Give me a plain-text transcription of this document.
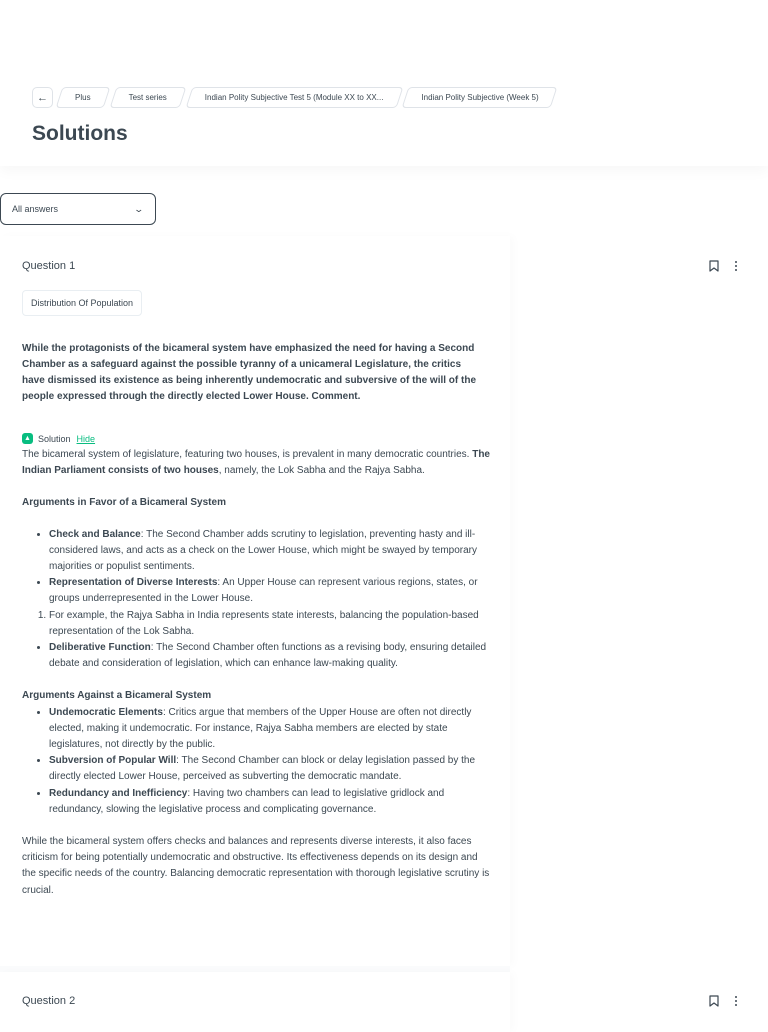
←	Plus	Test series	Indian Polity Subjective Test 5 (Module XX to XX...	Indian Polity Subjective (Week 5)
Solutions
All answers	⌄
Question 1
Distribution Of Population

While the protagonists of the bicameral system have emphasized the need for having a Second Chamber as a safeguard against the possible tyranny of a unicameral Legislature, the critics have dismissed its existence as being inherently undemocratic and subversive of the will of the people expressed through the directly elected Lower House. Comment.

▲ Solution Hide

The bicameral system of legislature, featuring two houses, is prevalent in many democratic countries. The Indian Parliament consists of two houses, namely, the Lok Sabha and the Rajya Sabha.

Arguments in Favor of a Bicameral System

• Check and Balance: The Second Chamber adds scrutiny to legislation, preventing hasty and ill-considered laws, and acts as a check on the Lower House, which might be swayed by temporary majorities or populist sentiments.
• Representation of Diverse Interests: An Upper House can represent various regions, states, or groups underrepresented in the Lower House.
1. For example, the Rajya Sabha in India represents state interests, balancing the population-based representation of the Lok Sabha.
• Deliberative Function: The Second Chamber often functions as a revising body, ensuring detailed debate and consideration of legislation, which can enhance law-making quality.

Arguments Against a Bicameral System

• Undemocratic Elements: Critics argue that members of the Upper House are often not directly elected, making it undemocratic. For instance, Rajya Sabha members are elected by state legislatures, not directly by the public.
• Subversion of Popular Will: The Second Chamber can block or delay legislation passed by the directly elected Lower House, perceived as subverting the democratic mandate.
• Redundancy and Inefficiency: Having two chambers can lead to legislative gridlock and redundancy, slowing the legislative process and complicating governance.

While the bicameral system offers checks and balances and represents diverse interests, it also faces criticism for being potentially undemocratic and obstructive. Its effectiveness depends on its design and the specific needs of the country. Balancing democratic representation with thorough legislative scrutiny is crucial.

Question 2
